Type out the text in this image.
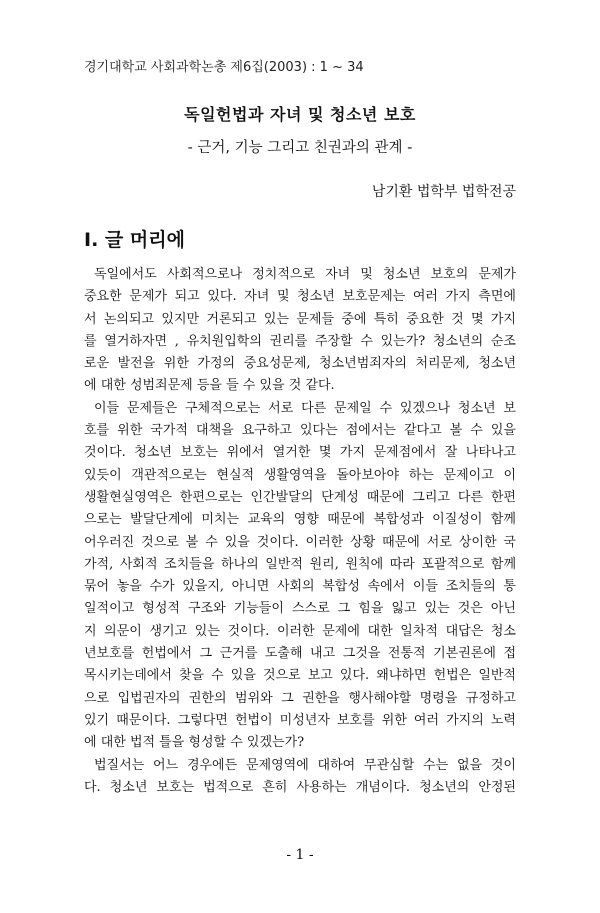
경기대학교 사회과학논총 제6집(2003) : 1 ~ 34
독일헌법과 자녀 및 청소년 보호
- 근거, 기능 그리고 친권과의 관계 -
남기환 법학부 법학전공
Ⅰ. 글 머리에
독일에서도 사회적으로나 정치적으로 자녀 및 청소년 보호의 문제가
중요한 문제가 되고 있다. 자녀 및 청소년 보호문제는 여러 가지 측면에
서 논의되고 있지만 거론되고 있는 문제들 중에 특히 중요한 것 몇 가지
를 열거하자면 , 유치원입학의 권리를 주장할 수 있는가? 청소년의 순조
로운 발전을 위한 가정의 중요성문제, 청소년범죄자의 처리문제, 청소년
에 대한 성범죄문제 등을 들 수 있을 것 같다.
이들 문제들은 구체적으로는 서로 다른 문제일 수 있겠으나 청소년 보
호를 위한 국가적 대책을 요구하고 있다는 점에서는 같다고 볼 수 있을
것이다. 청소년 보호는 위에서 열거한 몇 가지 문제점에서 잘 나타나고
있듯이 객관적으로는 현실적 생활영역을 돌아보아야 하는 문제이고 이
생활현실영역은 한편으로는 인간발달의 단계성 때문에 그리고 다른 한편
으로는 발달단계에 미치는 교육의 영향 때문에 복합성과 이질성이 함께
어우러진 것으로 볼 수 있을 것이다. 이러한 상황 때문에 서로 상이한 국
가적, 사회적 조치들을 하나의 일반적 원리, 원칙에 따라 포괄적으로 함께
묶어 놓을 수가 있을지, 아니면 사회의 복합성 속에서 이들 조치들의 통
일적이고 형성적 구조와 기능들이 스스로 그 힘을 잃고 있는 것은 아닌
지 의문이 생기고 있는 것이다. 이러한 문제에 대한 일차적 대답은 청소
년보호를 헌법에서 그 근거를 도출해 내고 그것을 전통적 기본권론에 접
목시키는데에서 찾을 수 있을 것으로 보고 있다. 왜냐하면 헌법은 일반적
으로 입법권자의 권한의 범위와 그 권한을 행사해야할 명령을 규정하고
있기 때문이다. 그렇다면 헌법이 미성년자 보호를 위한 여러 가지의 노력
에 대한 법적 틀을 형성할 수 있겠는가?
법질서는 어느 경우에든 문제영역에 대하여 무관심할 수는 없을 것이
다. 청소년 보호는 법적으로 흔히 사용하는 개념이다. 청소년의 안정된
- 1 -
